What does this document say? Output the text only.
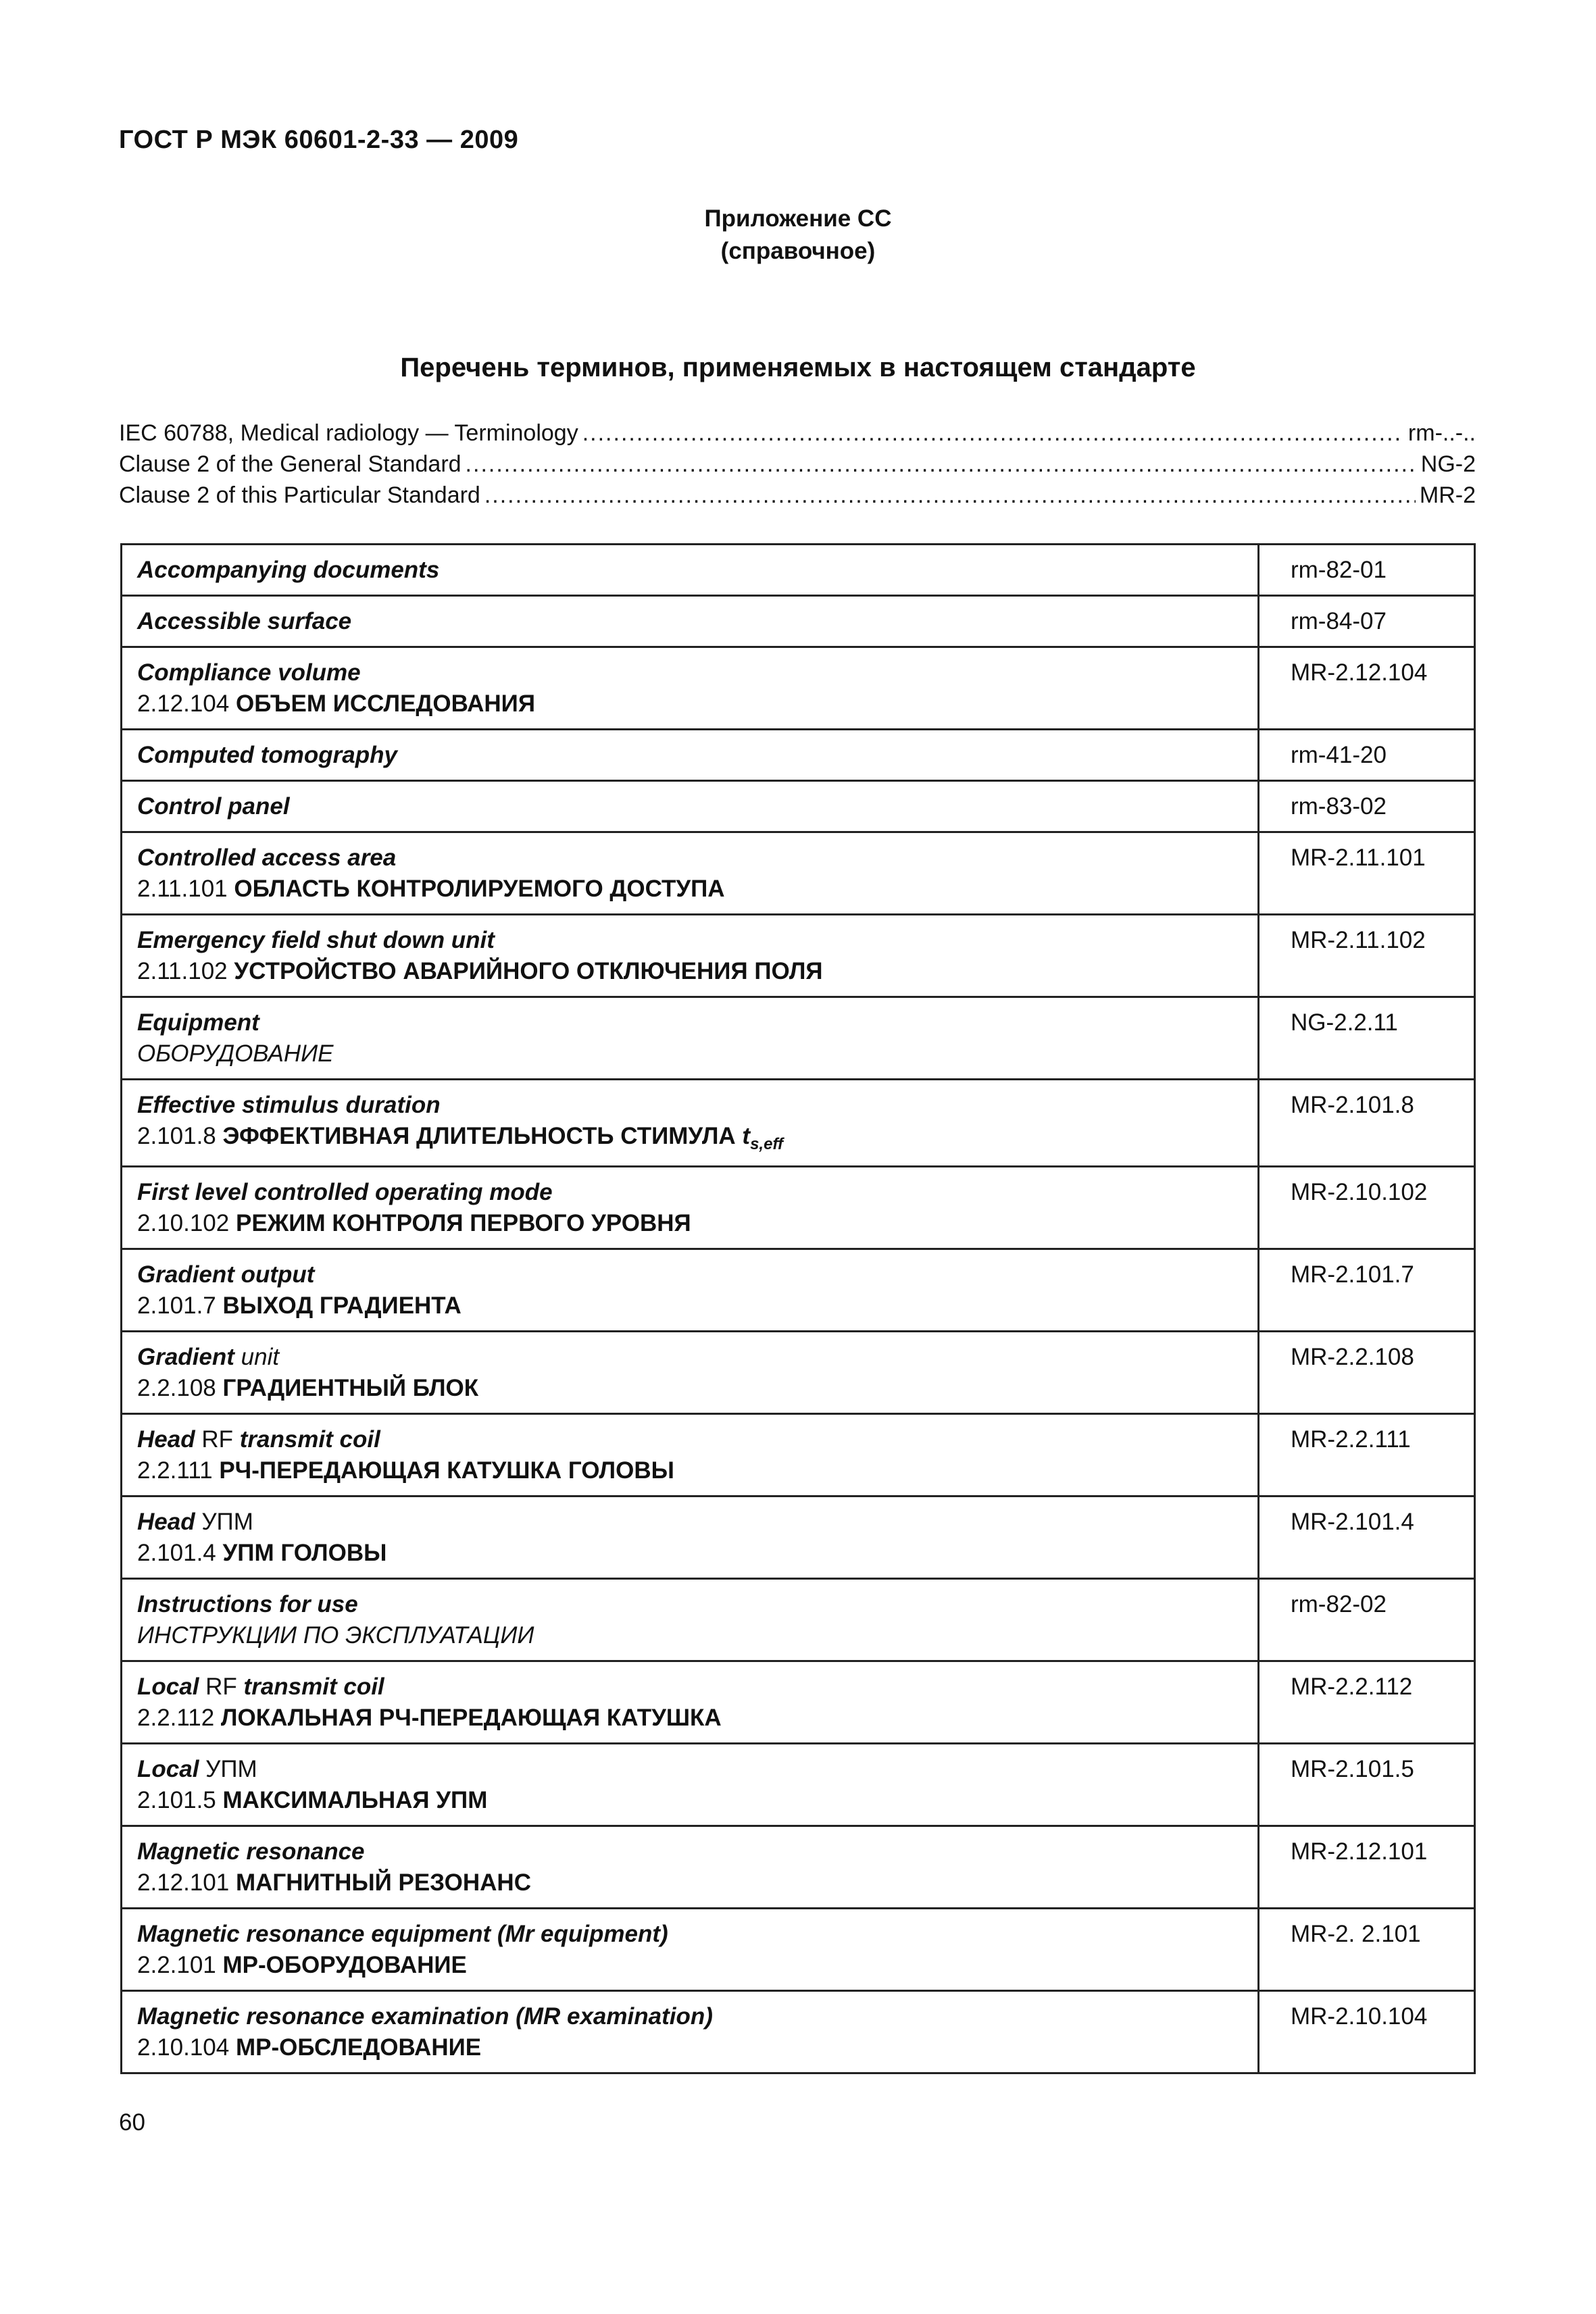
ГОСТ Р МЭК 60601-2-33 — 2009
Приложение СС
(справочное)
Перечень терминов, применяемых в настоящем стандарте
IEC 60788, Medical radiology — Terminology .....	rm-..-..
Clause 2 of the General Standard .....	NG-2
Clause 2 of this Particular Standard .....	MR-2
Accompanying documents	rm-82-01

Accessible surface	rm-84-07

Compliance volume
2.12.104 ОБЪЕМ ИССЛЕДОВАНИЯ	MR-2.12.104

Computed tomography	rm-41-20

Control panel	rm-83-02

Controlled access area
2.11.101 ОБЛАСТЬ КОНТРОЛИРУЕМОГО ДОСТУПА	MR-2.11.101

Emergency field shut down unit
2.11.102 УСТРОЙСТВО АВАРИЙНОГО ОТКЛЮЧЕНИЯ ПОЛЯ	MR-2.11.102

Equipment
ОБОРУДОВАНИЕ	NG-2.2.11

Effective stimulus duration
2.101.8 ЭФФЕКТИВНАЯ ДЛИТЕЛЬНОСТЬ СТИМУЛА $t_{s,eff}$	MR-2.101.8

First level controlled operating mode
2.10.102 РЕЖИМ КОНТРОЛЯ ПЕРВОГО УРОВНЯ	MR-2.10.102

Gradient output
2.101.7 ВЫХОД ГРАДИЕНТА	MR-2.101.7

Gradient unit
2.2.108 ГРАДИЕНТНЫЙ БЛОК	MR-2.2.108

Head RF transmit coil
2.2.111 РЧ-ПЕРЕДАЮЩАЯ КАТУШКА ГОЛОВЫ	MR-2.2.111

Head УПМ
2.101.4 УПМ ГОЛОВЫ	MR-2.101.4

Instructions for use
ИНСТРУКЦИИ ПО ЭКСПЛУАТАЦИИ	rm-82-02

Local RF transmit coil
2.2.112 ЛОКАЛЬНАЯ РЧ-ПЕРЕДАЮЩАЯ КАТУШКА	MR-2.2.112

Local УПМ
2.101.5 МАКСИМАЛЬНАЯ УПМ	MR-2.101.5

Magnetic resonance
2.12.101 МАГНИТНЫЙ РЕЗОНАНС	MR-2.12.101

Magnetic resonance equipment (Mr equipment)
2.2.101 МР-ОБОРУДОВАНИЕ	MR-2. 2.101

Magnetic resonance examination (MR examination)
2.10.104 МР-ОБСЛЕДОВАНИЕ	MR-2.10.104
60
